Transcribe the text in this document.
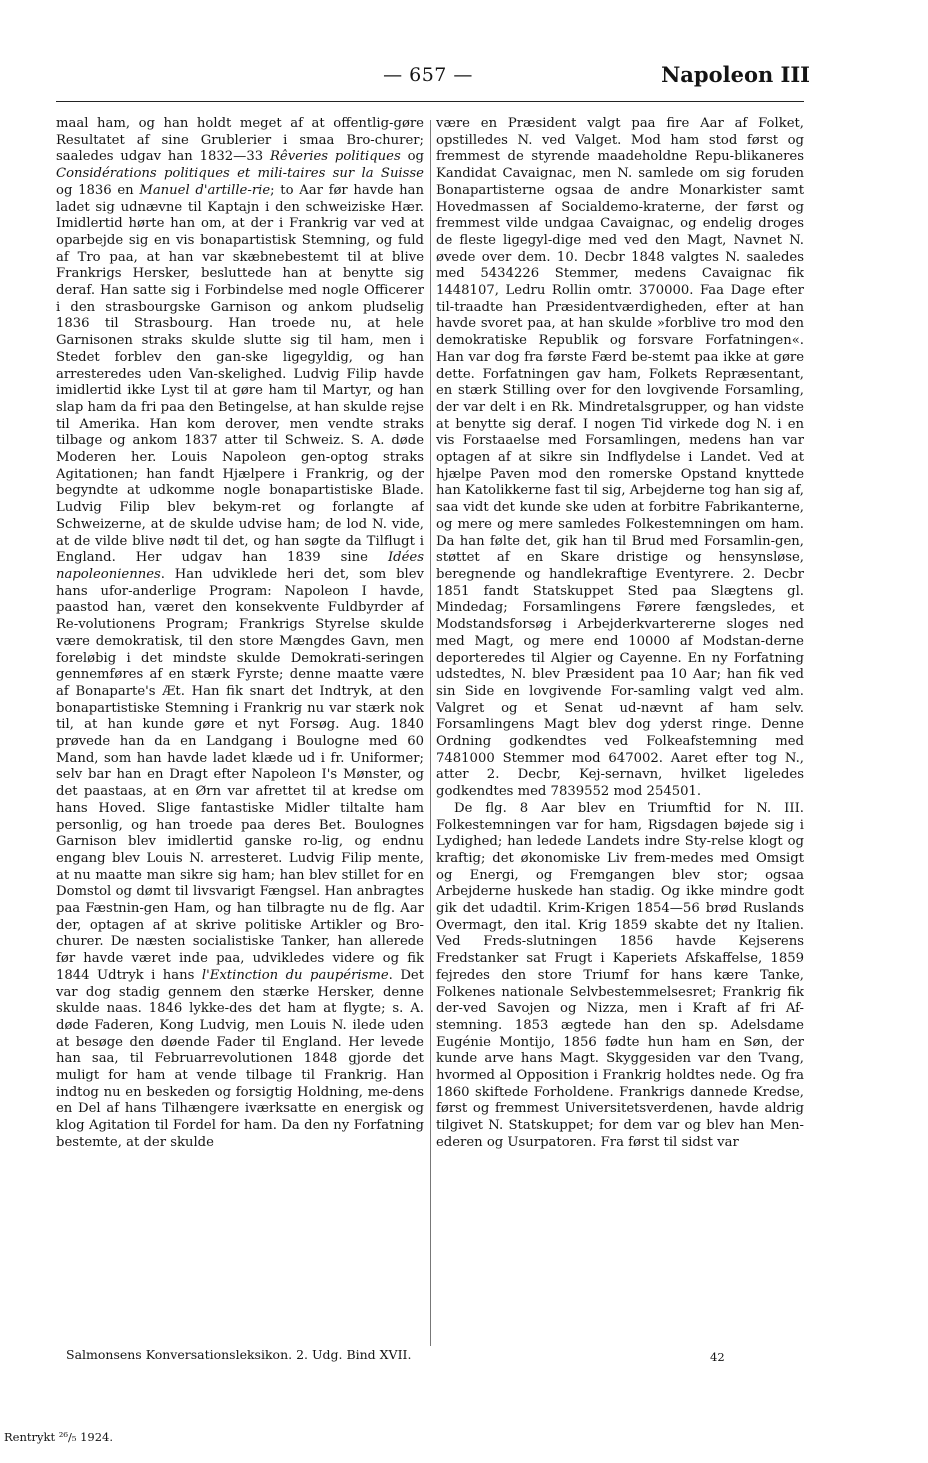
— 657 —	Napoleon III

maal ham, og han holdt meget af at offentlig-gøre Resultatet af sine Grublerier i smaa Bro-churer; saaledes udgav han 1832—33 Rêveries politiques og Considérations politiques et mili-taires sur la Suisse og 1836 en Manuel d'artille-rie; to Aar før havde han ladet sig udnævne til Kaptajn i den schweiziske Hær. Imidlertid hørte han om, at der i Frankrig var ved at oparbejde sig en vis bonapartistisk Stemning, og fuld af Tro paa, at han var skæbnebestemt til at blive Frankrigs Hersker, besluttede han at benytte sig deraf. Han satte sig i Forbindelse med nogle Officerer i den strasbourgske Garnison og ankom pludselig 1836 til Strasbourg. Han troede nu, at hele Garnisonen straks skulde slutte sig til ham, men i Stedet forblev den gan-ske ligegyldig, og han arresteredes uden Van-skelighed. Ludvig Filip havde imidlertid ikke Lyst til at gøre ham til Martyr, og han slap ham da fri paa den Betingelse, at han skulde rejse til Amerika. Han kom derover, men vendte straks tilbage og ankom 1837 atter til Schweiz. S. A. døde Moderen her. Louis Napoleon gen-optog straks Agitationen; han fandt Hjælpere i Frankrig, og der begyndte at udkomme nogle bonapartistiske Blade. Ludvig Filip blev bekym-ret og forlangte af Schweizerne, at de skulde udvise ham; de lod N. vide, at de vilde blive nødt til det, og han søgte da Tilflugt i England. Her udgav han 1839 sine Idées napoleoniennes. Han udviklede heri det, som blev hans ufor-anderlige Program: Napoleon I havde, paastod han, været den konsekvente Fuldbyrder af Re-volutionens Program; Frankrigs Styrelse skulde være demokratisk, til den store Mængdes Gavn, men foreløbig i det mindste skulde Demokrati-seringen gennemføres af en stærk Fyrste; denne maatte være af Bonaparte's Æt. Han fik snart det Indtryk, at den bonapartistiske Stemning i Frankrig nu var stærk nok til, at han kunde gøre et nyt Forsøg. Aug. 1840 prøvede han da en Landgang i Boulogne med 60 Mand, som han havde ladet klæde ud i fr. Uniformer; selv bar han en Dragt efter Napoleon I's Mønster, og det paastaas, at en Ørn var afrettet til at kredse om hans Hoved. Slige fantastiske Midler tiltalte ham personlig, og han troede paa deres Bet. Boulognes Garnison blev imidlertid ganske ro-lig, og endnu engang blev Louis N. arresteret. Ludvig Filip mente, at nu maatte man sikre sig ham; han blev stillet for en Domstol og dømt til livsvarigt Fængsel. Han anbragtes paa Fæstnin-gen Ham, og han tilbragte nu de flg. Aar der, optagen af at skrive politiske Artikler og Bro-churer. De næsten socialistiske Tanker, han allerede før havde været inde paa, udvikledes videre og fik 1844 Udtryk i hans l'Extinction du paupérisme. Det var dog stadig gennem den stærke Hersker, denne skulde naas. 1846 lykke-des det ham at flygte; s. A. døde Faderen, Kong Ludvig, men Louis N. ilede uden at besøge den døende Fader til England. Her levede han saa, til Februarrevolutionen 1848 gjorde det muligt for ham at vende tilbage til Frankrig. Han indtog nu en beskeden og forsigtig Holdning, me-dens en Del af hans Tilhængere iværksatte en energisk og klog Agitation til Fordel for ham. Da den ny Forfatning bestemte, at der skulde

være en Præsident valgt paa fire Aar af Folket, opstilledes N. ved Valget. Mod ham stod først og fremmest de styrende maadeholdne Repu-blikaneres Kandidat Cavaignac, men N. samlede om sig foruden Bonapartisterne ogsaa de andre Monarkister samt Hovedmassen af Socialdemo-kraterne, der først og fremmest vilde undgaa Cavaignac, og endelig droges de fleste ligegyl-dige med ved den Magt, Navnet N. øvede over dem. 10. Decbr 1848 valgtes N. saaledes med 5434226 Stemmer, medens Cavaignac fik 1448107, Ledru Rollin omtr. 370000. Faa Dage efter til-traadte han Præsidentværdigheden, efter at han havde svoret paa, at han skulde »forblive tro mod den demokratiske Republik og forsvare Forfatningen«. Han var dog fra første Færd be-stemt paa ikke at gøre dette. Forfatningen gav ham, Folkets Repræsentant, en stærk Stilling over for den lovgivende Forsamling, der var delt i en Rk. Mindretalsgrupper, og han vidste at benytte sig deraf. I nogen Tid virkede dog N. i en vis Forstaaelse med Forsamlingen, medens han var optagen af at sikre sin Indflydelse i Landet. Ved at hjælpe Paven mod den romerske Opstand knyttede han Katolikkerne fast til sig, Arbejderne tog han sig af, saa vidt det kunde ske uden at forbitre Fabrikanterne, og mere og mere samledes Folkestemningen om ham. Da han følte det, gik han til Brud med Forsamlin-gen, støttet af en Skare dristige og hensynsløse, beregnende og handlekraftige Eventyrere. 2. Decbr 1851 fandt Statskuppet Sted paa Slægtens gl. Mindedag; Forsamlingens Førere fængsledes, et Modstandsforsøg i Arbejderkvartererne sloges ned med Magt, og mere end 10000 af Modstan-derne deporteredes til Algier og Cayenne. En ny Forfatning udstedtes, N. blev Præsident paa 10 Aar; han fik ved sin Side en lovgivende For-samling valgt ved alm. Valgret og et Senat ud-nævnt af ham selv. Forsamlingens Magt blev dog yderst ringe. Denne Ordning godkendtes ved Folkeafstemning med 7481000 Stemmer mod 647002. Aaret efter tog N., atter 2. Decbr, Kej-sernavn, hvilket ligeledes godkendtes med 7839552 mod 254501.

De flg. 8 Aar blev en Triumftid for N. III. Folkestemningen var for ham, Rigsdagen bøjede sig i Lydighed; han ledede Landets indre Sty-relse klogt og kraftig; det økonomiske Liv frem-medes med Omsigt og Energi, og Fremgangen blev stor; ogsaa Arbejderne huskede han stadig. Og ikke mindre godt gik det udadtil. Krim-Krigen 1854—56 brød Ruslands Overmagt, den ital. Krig 1859 skabte det ny Italien. Ved Freds-slutningen 1856 havde Kejserens Fredstanker sat Frugt i Kaperiets Afskaffelse, 1859 fejredes den store Triumf for hans kære Tanke, Folkenes nationale Selvbestemmelsesret; Frankrig fik der-ved Savojen og Nizza, men i Kraft af fri Af-stemning. 1853 ægtede han den sp. Adelsdame Eugénie Montijo, 1856 fødte hun ham en Søn, der kunde arve hans Magt. Skyggesiden var den Tvang, hvormed al Opposition i Frankrig holdtes nede. Og fra 1860 skiftede Forholdene. Frankrigs dannede Kredse, først og fremmest Universitetsverdenen, havde aldrig tilgivet N. Statskuppet; for dem var og blev han Men-ederen og Usurpatoren. Fra først til sidst var

Salmonsens Konversationsleksikon. 2. Udg. Bind XVII.	42
Rentrykt ²⁶/₅ 1924.
